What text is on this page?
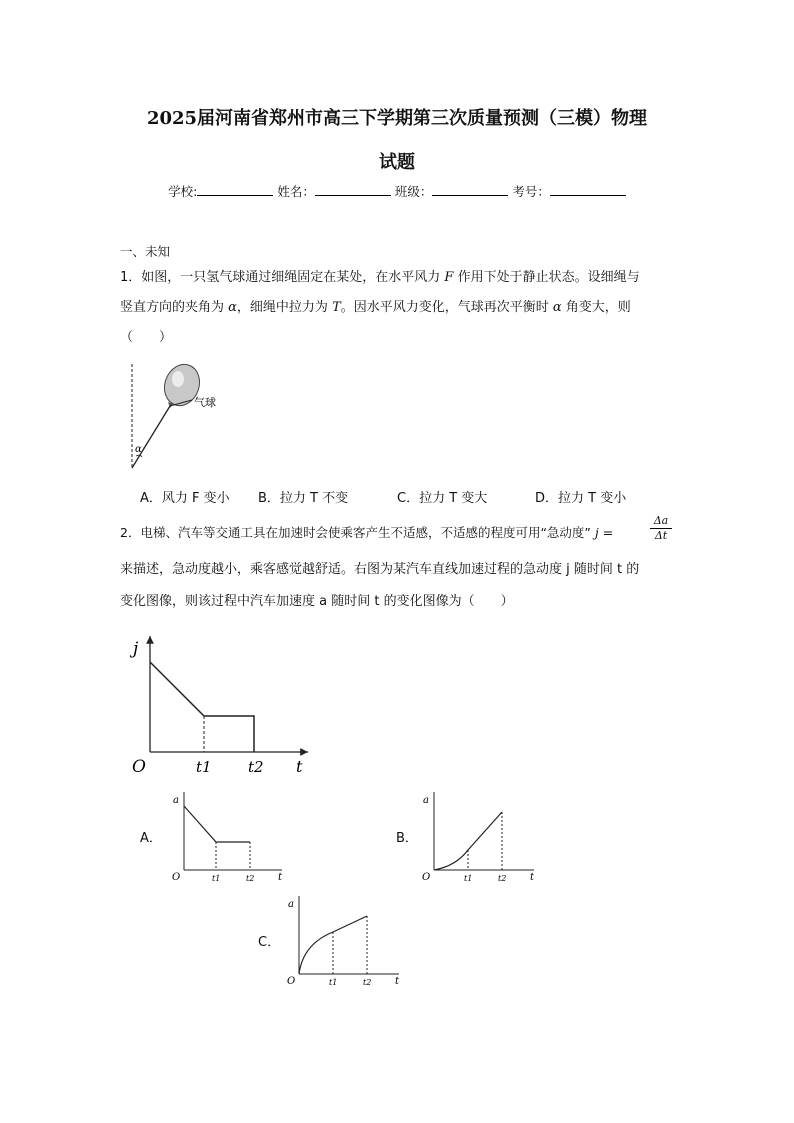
2025届河南省郑州市高三下学期第三次质量预测（三模）物理
试题
学校:	姓名：	班级：	考号：
一、未知
1．如图，一只氢气球通过细绳固定在某处，在水平风力 F 作用下处于静止状态。设细绳与
竖直方向的夹角为 α，细绳中拉力为 T。因水平风力变化，气球再次平衡时 α 角变大，则
（　　）
α
气球
A．风力 F 变小 B．拉力 T 不变	C．拉力 T 变大	D．拉力 T 变小
2．电梯、汽车等交通工具在加速时会使乘客产生不适感，不适感的程度可用“急动度” j =	$\frac{\Delta a}{\Delta t}$
来描述，急动度越小，乘客感觉越舒适。右图为某汽车直线加速过程的急动度 j 随时间 t 的
变化图像，则该过程中汽车加速度 a 随时间 t 的变化图像为（　　）
j
O	t1 t2 t
A．
a
O	t1	t2 t
B．
a
O	t1	t2 t
C．
a
O	t1	t2 t
